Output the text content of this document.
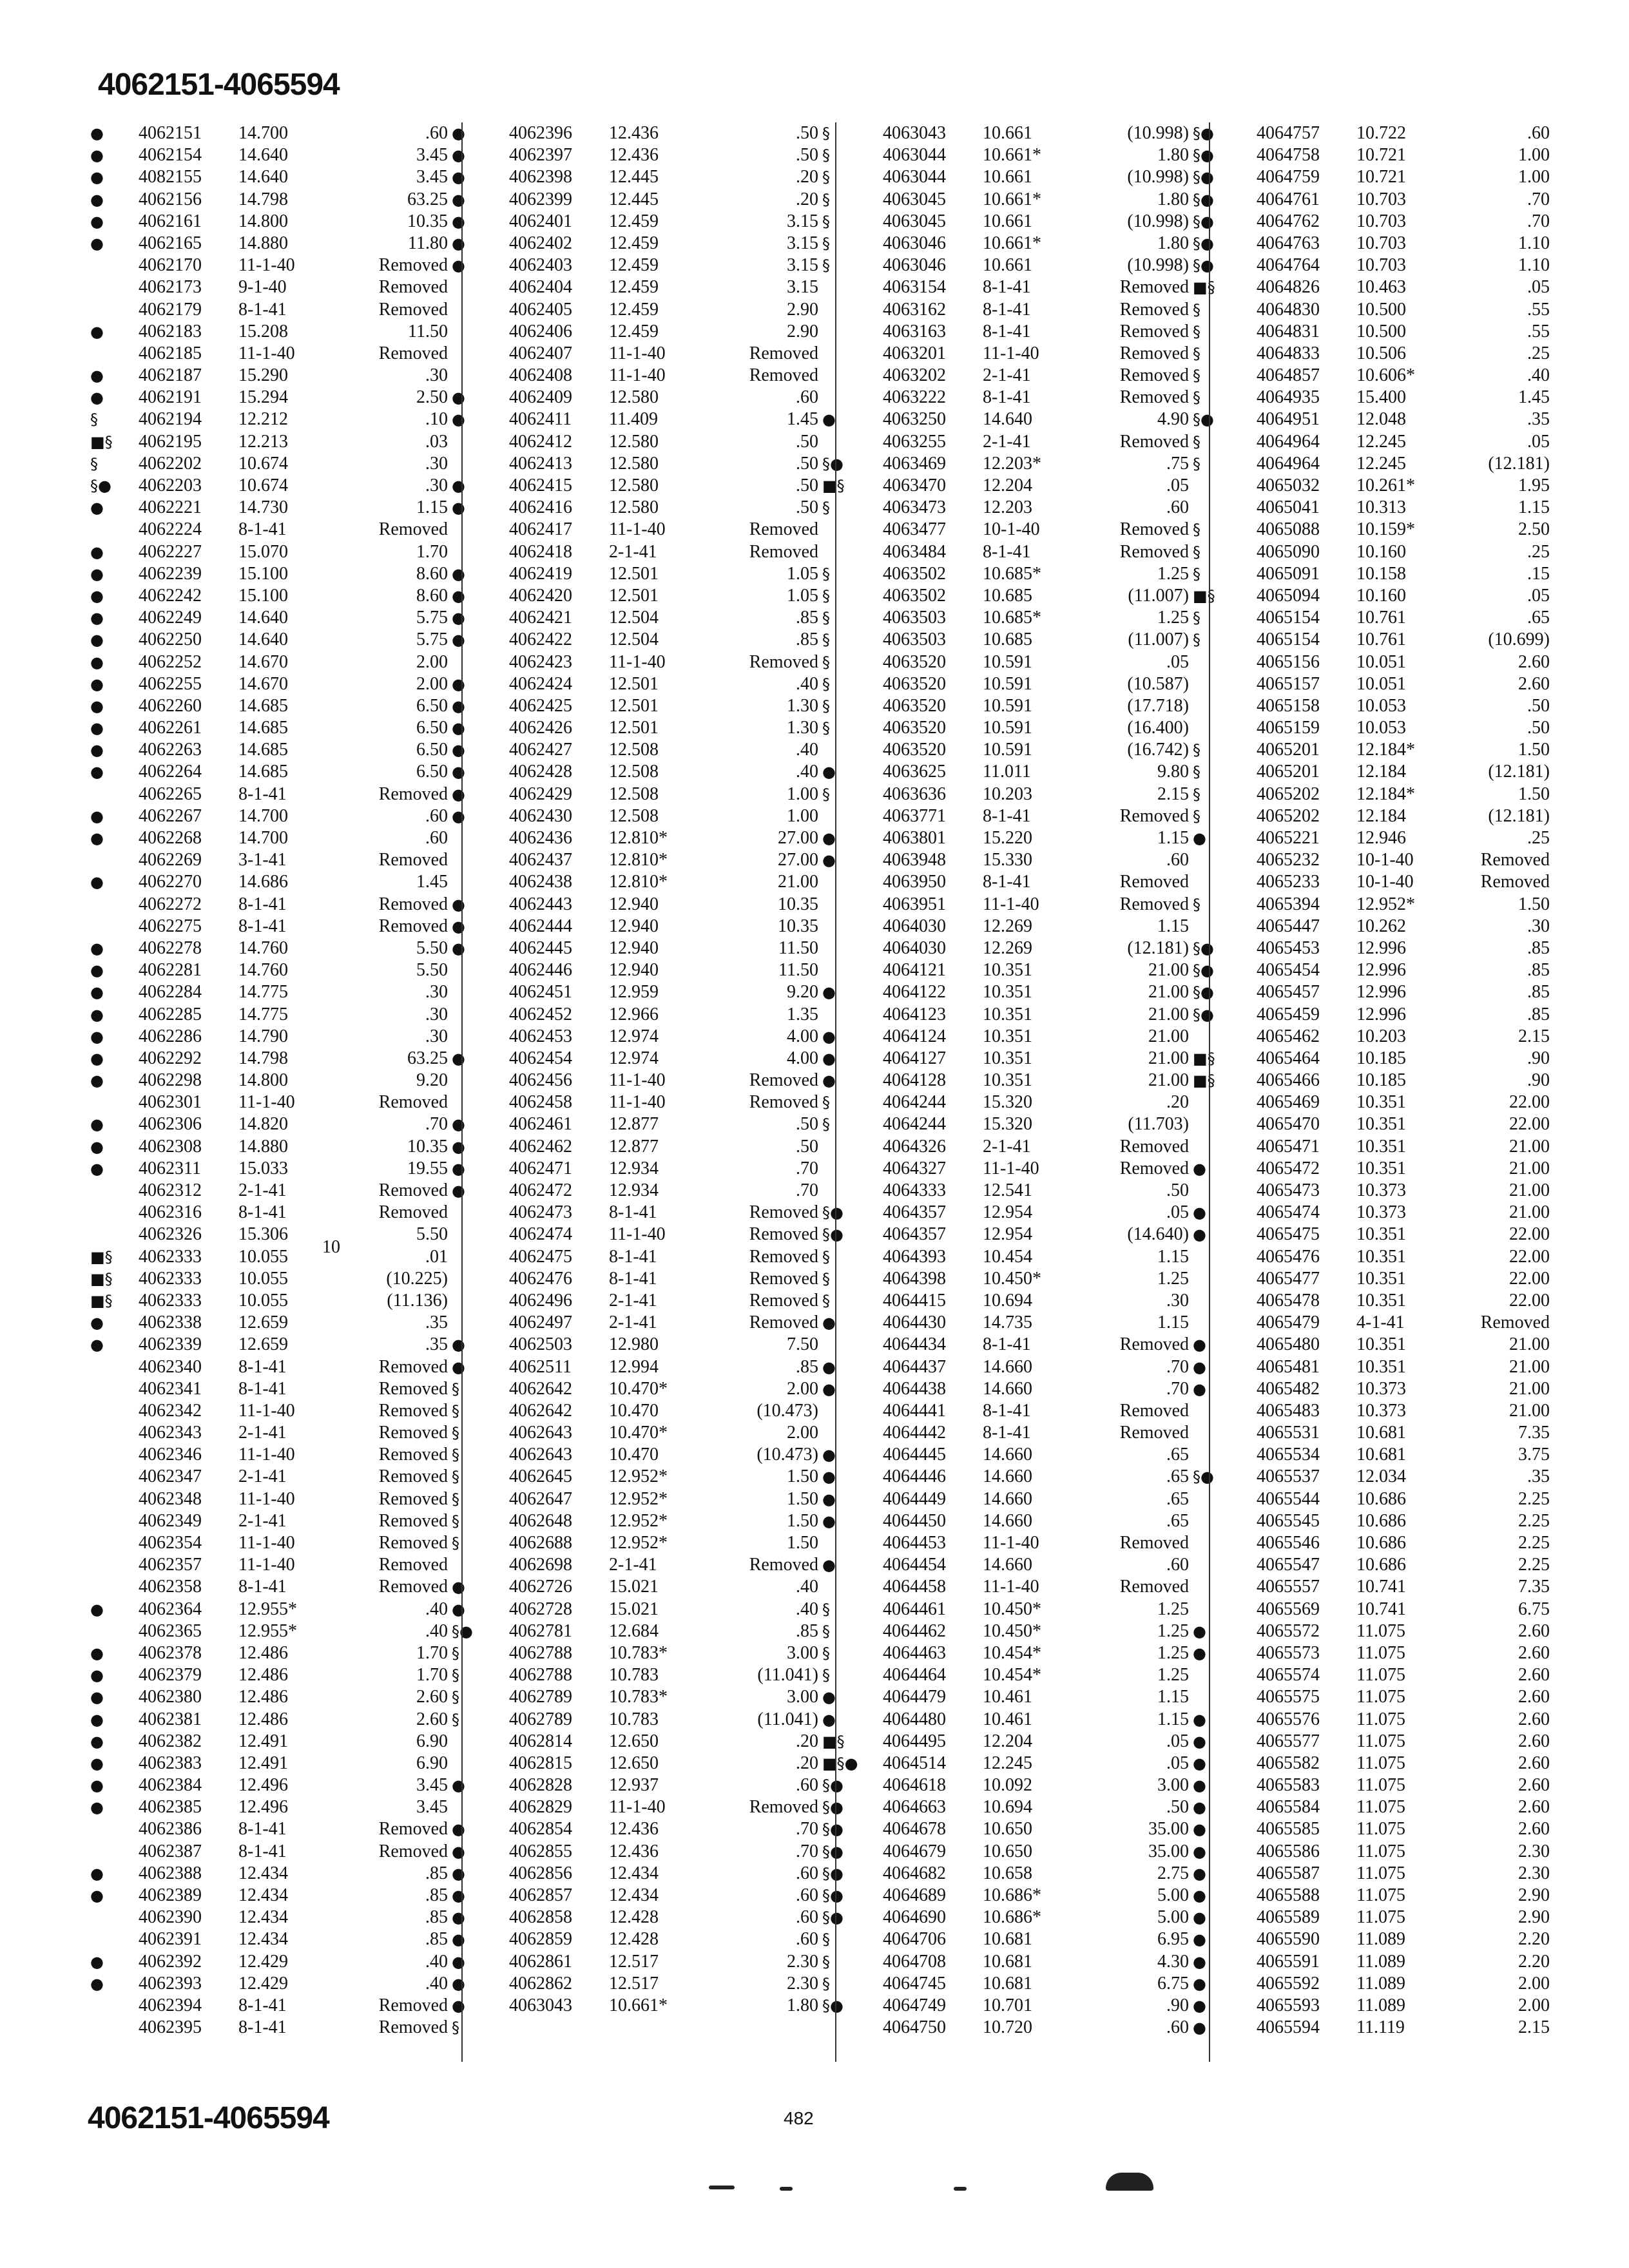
4062151-4065594
●	4062151 14.700	.60 ●
●	4062154 14.640	3.45 ●
●	4082155 14.640	3.45 ●
●	4062156 14.798	63.25 ●
●	4062161 14.800	10.35 ●
●	4062165 14.880	11.80 ●
4062170 11-1-40	Removed ●
4062173 9-1-40	Removed
4062179 8-1-41	Removed
●	4062183 15.208	11.50
4062185 11-1-40	Removed
●	4062187 15.290	.30
●	4062191 15.294	2.50 ●
§	4062194 12.212	.10 ●
■§	4062195 12.213	.03
§	4062202 10.674	.30
§●	4062203 10.674	.30 ●
●	4062221 14.730	1.15 ●
4062224 8-1-41	Removed
●	4062227 15.070	1.70
●	4062239 15.100	8.60 ●
●	4062242 15.100	8.60 ●
●	4062249 14.640	5.75 ●
●	4062250 14.640	5.75 ●
●	4062252 14.670	2.00
●	4062255 14.670	2.00 ●
●	4062260 14.685	6.50 ●
●	4062261 14.685	6.50 ●
●	4062263 14.685	6.50 ●
●	4062264 14.685	6.50 ●
4062265 8-1-41	Removed ●
●	4062267 14.700	.60 ●
●	4062268 14.700	.60
4062269 3-1-41	Removed
●	4062270 14.686	1.45
4062272 8-1-41	Removed ●
4062275 8-1-41	Removed ●
●	4062278 14.760	5.50 ●
●	4062281 14.760	5.50
●	4062284 14.775	.30
●	4062285 14.775	.30
●	4062286 14.790	.30
●	4062292 14.798	63.25 ●
●	4062298 14.800	9.20
4062301 11-1-40	Removed
●	4062306 14.820	.70 ●
●	4062308 14.880	10.35 ●
●	4062311 15.033	19.55 ●
4062312 2-1-41	Removed ●
4062316 8-1-41	Removed
4062326 15.306	5.50
■§	4062333 10.055	.01
■§	4062333 10.055	(10.225)
■§	4062333 10.055	(11.136)
●	4062338 12.659	.35
●	4062339 12.659	.35 ●
4062340 8-1-41	Removed ●
4062341 8-1-41	Removed §
4062342 11-1-40	Removed §
4062343 2-1-41	Removed §
4062346 11-1-40	Removed §
4062347 2-1-41	Removed §
4062348 11-1-40	Removed §
4062349 2-1-41	Removed §
4062354 11-1-40	Removed §
4062357 11-1-40	Removed
4062358 8-1-41	Removed ●
●	4062364 12.955*	.40 ●
4062365 12.955*	.40 §●
●	4062378 12.486	1.70 §
●	4062379 12.486	1.70 §
●	4062380 12.486	2.60 §
●	4062381 12.486	2.60 §
●	4062382 12.491	6.90
●	4062383 12.491	6.90
●	4062384 12.496	3.45 ●
●	4062385 12.496	3.45
4062386 8-1-41	Removed ●
4062387 8-1-41	Removed ●
●	4062388 12.434	.85 ●
●	4062389 12.434	.85 ●
4062390 12.434	.85 ●
4062391 12.434	.85 ●
●	4062392 12.429	.40 ●
●	4062393 12.429	.40 ●
4062394 8-1-41	Removed ●
4062395 8-1-41	Removed §
4062396 12.436	.50 §
4062397 12.436	.50 §
4062398 12.445	.20 §
4062399 12.445	.20 §
4062401 12.459	3.15 §
4062402 12.459	3.15 §
4062403 12.459	3.15 §
4062404 12.459	3.15
4062405 12.459	2.90
4062406 12.459	2.90
4062407 11-1-40	Removed
4062408 11-1-40	Removed
4062409 12.580	.60
4062411 11.409	1.45 ●
4062412 12.580	.50
4062413 12.580	.50 §●
4062415 12.580	.50 ■§
4062416 12.580	.50 §
4062417 11-1-40	Removed
4062418 2-1-41	Removed
4062419 12.501	1.05 §
4062420 12.501	1.05 §
4062421 12.504	.85 §
4062422 12.504	.85 §
4062423 11-1-40	Removed §
4062424 12.501	.40 §
4062425 12.501	1.30 §
4062426 12.501	1.30 §
4062427 12.508	.40
4062428 12.508	.40 ●
4062429 12.508	1.00 §
4062430 12.508	1.00
4062436 12.810*	27.00 ●
4062437 12.810*	27.00 ●
4062438 12.810*	21.00
4062443 12.940	10.35
4062444 12.940	10.35
4062445 12.940	11.50
4062446 12.940	11.50
4062451 12.959	9.20 ●
4062452 12.966	1.35
4062453 12.974	4.00 ●
4062454 12.974	4.00 ●
4062456 11-1-40	Removed ●
4062458 11-1-40	Removed §
4062461 12.877	.50 §
4062462 12.877	.50
4062471 12.934	.70
4062472 12.934	.70
4062473 8-1-41	Removed §●
4062474 11-1-40	Removed §●
4062475 8-1-41	Removed §
4062476 8-1-41	Removed §
4062496 2-1-41	Removed §
4062497 2-1-41	Removed ●
4062503 12.980	7.50
4062511 12.994	.85 ●
4062642 10.470*	2.00 ●
4062642 10.470	(10.473)
4062643 10.470*	2.00
4062643 10.470	(10.473) ●
4062645 12.952*	1.50 ●
4062647 12.952*	1.50 ●
4062648 12.952*	1.50 ●
4062688 12.952*	1.50
4062698 2-1-41	Removed ●
4062726 15.021	.40
4062728 15.021	.40 §
4062781 12.684	.85 §
4062788 10.783*	3.00 §
4062788 10.783	(11.041) §
4062789 10.783*	3.00 ●
4062789 10.783	(11.041) ●
4062814 12.650	.20 ■§
4062815 12.650	.20 ■§●
4062828 12.937	.60 §●
4062829 11-1-40	Removed §●
4062854 12.436	.70 §●
4062855 12.436	.70 §●
4062856 12.434	.60 §●
4062857 12.434	.60 §●
4062858 12.428	.60 §●
4062859 12.428	.60 §
4062861 12.517	2.30 §
4062862 12.517	2.30 §
4063043 10.661*	1.80 §●
4063043 10.661	(10.998) §●
4063044 10.661*	1.80 §●
4063044 10.661	(10.998) §●
4063045 10.661*	1.80 §●
4063045 10.661	(10.998) §●
4063046 10.661*	1.80 §●
4063046 10.661	(10.998) §●
4063154 8-1-41	Removed ■§
4063162 8-1-41	Removed §
4063163 8-1-41	Removed §
4063201 11-1-40	Removed §
4063202 2-1-41	Removed §
4063222 8-1-41	Removed §
4063250 14.640	4.90 §●
4063255 2-1-41	Removed §
4063469 12.203*	.75 §
4063470 12.204	.05
4063473 12.203	.60
4063477 10-1-40	Removed §
4063484 8-1-41	Removed §
4063502 10.685*	1.25 §
4063502 10.685	(11.007) ■§
4063503 10.685*	1.25 §
4063503 10.685	(11.007) §
4063520 10.591	.05
4063520 10.591	(10.587)
4063520 10.591	(17.718)
4063520 10.591	(16.400)
4063520 10.591	(16.742) §
4063625 11.011	9.80 §
4063636 10.203	2.15 §
4063771 8-1-41	Removed §
4063801 15.220	1.15 ●
4063948 15.330	.60
4063950 8-1-41	Removed
4063951 11-1-40	Removed §
4064030 12.269	1.15
4064030 12.269	(12.181) §●
4064121 10.351	21.00 §●
4064122 10.351	21.00 §●
4064123 10.351	21.00 §●
4064124 10.351	21.00
4064127 10.351	21.00 ■§
4064128 10.351	21.00 ■§
4064244 15.320	.20
4064244 15.320	(11.703)
4064326 2-1-41	Removed
4064327 11-1-40	Removed ●
4064333 12.541	.50
4064357 12.954	.05 ●
4064357 12.954	(14.640) ●
4064393 10.454	1.15
4064398 10.450*	1.25
4064415 10.694	.30
4064430 14.735	1.15
4064434 8-1-41	Removed ●
4064437 14.660	.70 ●
4064438 14.660	.70 ●
4064441 8-1-41	Removed
4064442 8-1-41	Removed
4064445 14.660	.65
4064446 14.660	.65 §●
4064449 14.660	.65
4064450 14.660	.65
4064453 11-1-40	Removed
4064454 14.660	.60
4064458 11-1-40	Removed
4064461 10.450*	1.25
4064462 10.450*	1.25 ●
4064463 10.454*	1.25 ●
4064464 10.454*	1.25
4064479 10.461	1.15
4064480 10.461	1.15 ●
4064495 12.204	.05 ●
4064514 12.245	.05 ●
4064618 10.092	3.00 ●
4064663 10.694	.50 ●
4064678 10.650	35.00 ●
4064679 10.650	35.00 ●
4064682 10.658	2.75 ●
4064689 10.686*	5.00 ●
4064690 10.686*	5.00 ●
4064706 10.681	6.95 ●
4064708 10.681	4.30 ●
4064745 10.681	6.75 ●
4064749 10.701	.90 ●
4064750 10.720	.60 ●
4064757 10.722	.60
4064758 10.721	1.00
4064759 10.721	1.00
4064761 10.703	.70
4064762 10.703	.70
4064763 10.703	1.10
4064764 10.703	1.10
4064826 10.463	.05
4064830 10.500	.55
4064831 10.500	.55
4064833 10.506	.25
4064857 10.606*	.40
4064935 15.400	1.45
4064951 12.048	.35
4064964 12.245	.05
4064964 12.245	(12.181)
4065032 10.261*	1.95
4065041 10.313	1.15
4065088 10.159*	2.50
4065090 10.160	.25
4065091 10.158	.15
4065094 10.160	.05
4065154 10.761	.65
4065154 10.761	(10.699)
4065156 10.051	2.60
4065157 10.051	2.60
4065158 10.053	.50
4065159 10.053	.50
4065201 12.184*	1.50
4065201 12.184	(12.181)
4065202 12.184*	1.50
4065202 12.184	(12.181)
4065221 12.946	.25
4065232 10-1-40	Removed
4065233 10-1-40	Removed
4065394 12.952*	1.50
4065447 10.262	.30
4065453 12.996	.85
4065454 12.996	.85
4065457 12.996	.85
4065459 12.996	.85
4065462 10.203	2.15
4065464 10.185	.90
4065466 10.185	.90
4065469 10.351	22.00
4065470 10.351	22.00
4065471 10.351	21.00
4065472 10.351	21.00
4065473 10.373	21.00
4065474 10.373	21.00
4065475 10.351	22.00
4065476 10.351	22.00
4065477 10.351	22.00
4065478 10.351	22.00
4065479 4-1-41	Removed
4065480 10.351	21.00
4065481 10.351	21.00
4065482 10.373	21.00
4065483 10.373	21.00
4065531 10.681	7.35
4065534 10.681	3.75
4065537 12.034	.35
4065544 10.686	2.25
4065545 10.686	2.25
4065546 10.686	2.25
4065547 10.686	2.25
4065557 10.741	7.35
4065569 10.741	6.75
4065572 11.075	2.60
4065573 11.075	2.60
4065574 11.075	2.60
4065575 11.075	2.60
4065576 11.075	2.60
4065577 11.075	2.60
4065582 11.075	2.60
4065583 11.075	2.60
4065584 11.075	2.60
4065585 11.075	2.60
4065586 11.075	2.30
4065587 11.075	2.30
4065588 11.075	2.90
4065589 11.075	2.90
4065590 11.089	2.20
4065591 11.089	2.20
4065592 11.089	2.00
4065593 11.089	2.00
4065594 11.119	2.15
10
4062151-4065594	482
